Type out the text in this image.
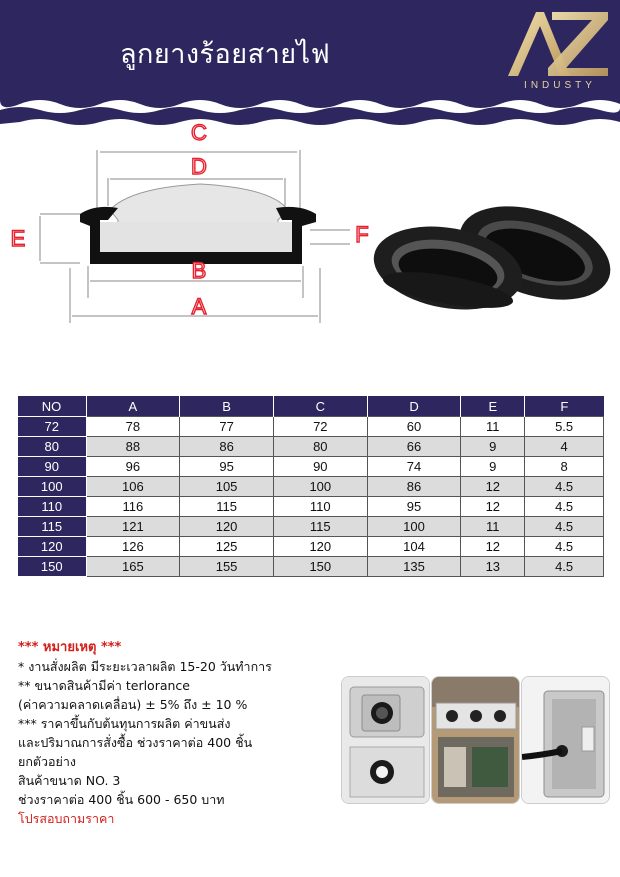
ลูกยางร้อยสายไฟ
INDUSTY
C
D
E	F
B
A
NO	A	B	C	D	E	F
72	78	77	72	60	11	5.5
80	88	86	80	66	9	4
90	96	95	90	74	9	8
100	106	105	100	86	12	4.5
110	116	115	110	95	12	4.5
115	121	120	115	100	11	4.5
120	126	125	120	104	12	4.5
150	165	155	150	135	13	4.5
*** หมายเหตุ ***
* งานสั่งผลิต มีระยะเวลาผลิต 15-20 วันทำการ
** ขนาดสินค้ามีค่า terlorance
(ค่าความคลาดเคลื่อน) ± 5% ถึง ± 10 %
*** ราคาขึ้นกับต้นทุนการผลิต ค่าขนส่ง
และปริมาณการสั่งซื้อ ช่วงราคาต่อ 400 ชิ้น
ยกตัวอย่าง
สินค้าขนาด NO. 3
ช่วงราคาต่อ 400 ชิ้น 600 - 650 บาท
โปรสอบถามราคา
